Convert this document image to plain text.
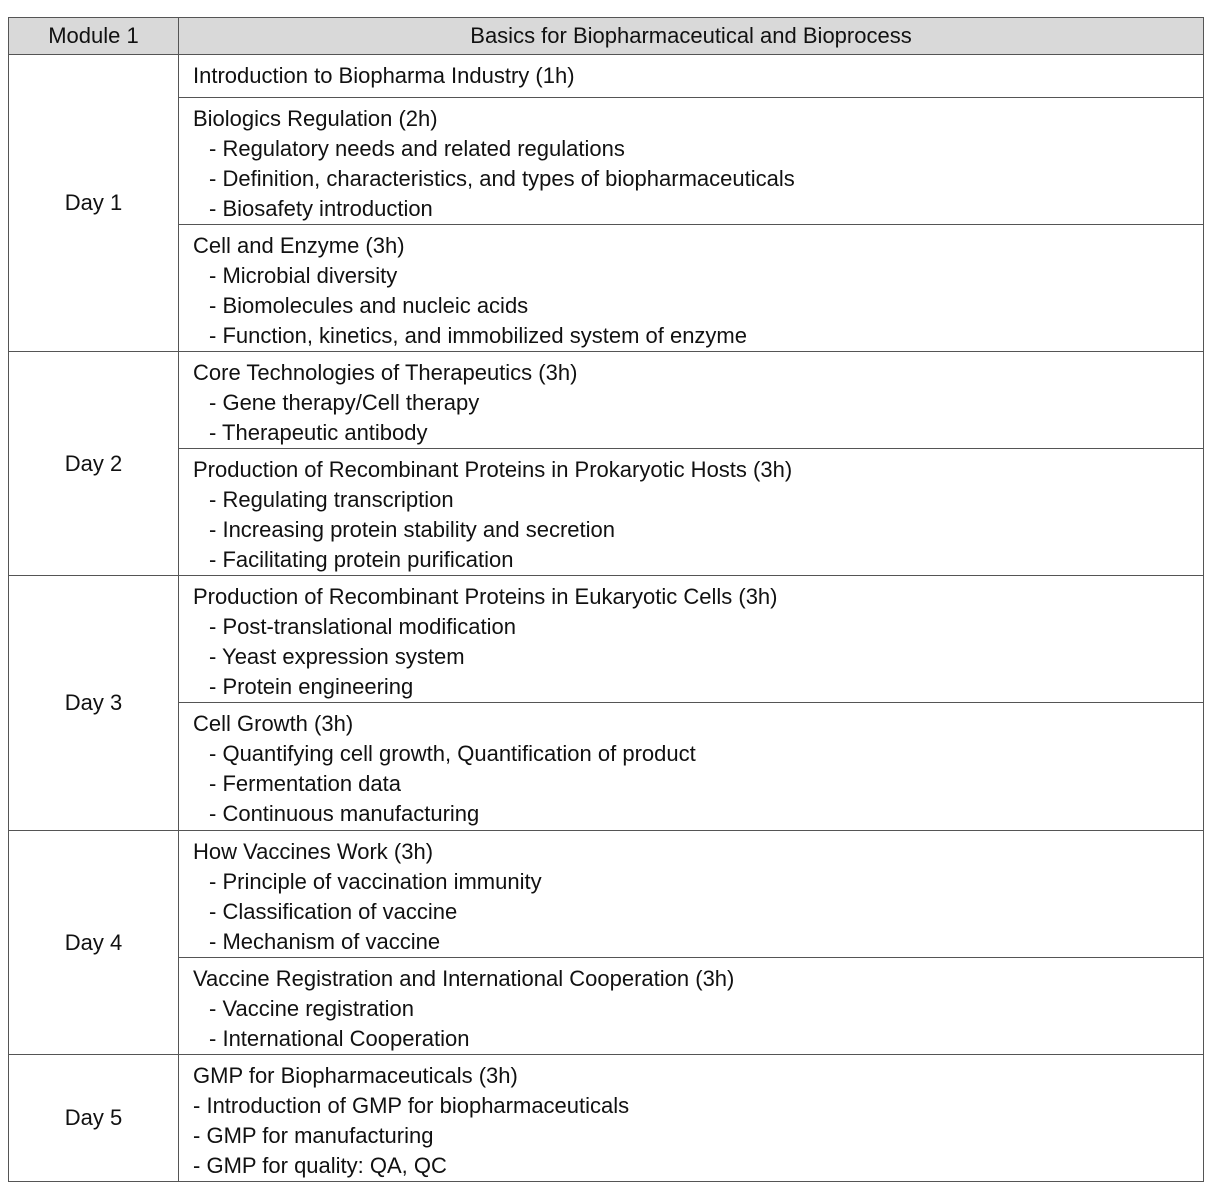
Module 1	Basics for Biopharmaceutical and Bioprocess
Day 1	Introduction to Biopharma Industry (1h)

	Biologics Regulation (2h)
- Regulatory needs and related regulations
- Definition, characteristics, and types of biopharmaceuticals
- Biosafety introduction

	Cell and Enzyme (3h)
- Microbial diversity
- Biomolecules and nucleic acids
- Function, kinetics, and immobilized system of enzyme

Day 2	Core Technologies of Therapeutics (3h)
- Gene therapy/Cell therapy
- Therapeutic antibody

	Production of Recombinant Proteins in Prokaryotic Hosts (3h)
- Regulating transcription
- Increasing protein stability and secretion
- Facilitating protein purification

Day 3	Production of Recombinant Proteins in Eukaryotic Cells (3h)
- Post-translational modification
- Yeast expression system
- Protein engineering

	Cell Growth (3h)
- Quantifying cell growth, Quantification of product
- Fermentation data
- Continuous manufacturing

Day 4	How Vaccines Work (3h)
- Principle of vaccination immunity
- Classification of vaccine
- Mechanism of vaccine

	Vaccine Registration and International Cooperation (3h)
- Vaccine registration
- International Cooperation

Day 5	GMP for Biopharmaceuticals (3h)
- Introduction of GMP for biopharmaceuticals
- GMP for manufacturing
- GMP for quality: QA, QC
